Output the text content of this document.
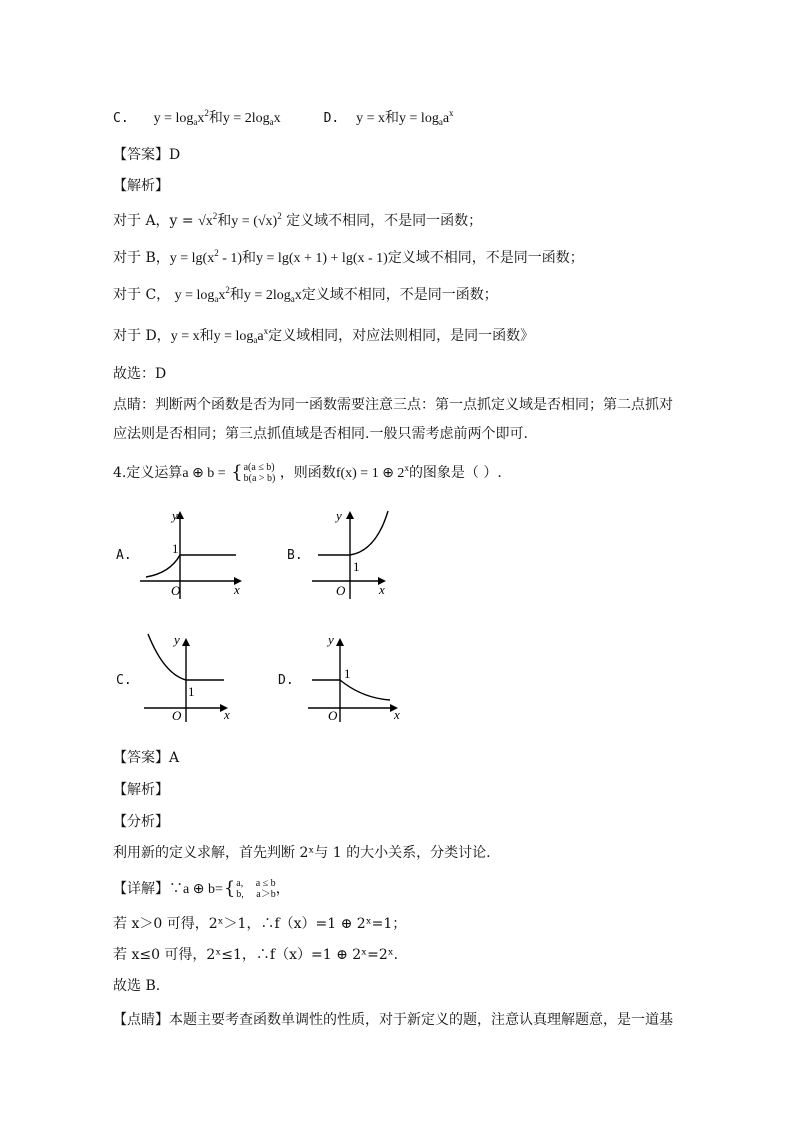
C. $y = \log_ax^2$和$y = 2\log_ax$	D. y = x和$y = \log_aa^x$
【答案】D
【解析】
对于 A，$y = √x^2$和$y = (√x)^2$ 定义域不相同，不是同一函数；
对于 B，$y = \lg(x^2 - 1)$和y = lg(x + 1) + lg(x - 1)定义域不相同，不是同一函数；
对于 C， $y = \log_ax^2$和$y = 2\log_ax$定义域不相同，不是同一函数；
对于 D，y = x和$y = \log_aa^x$定义域相同，对应法则相同，是同一函数》
故选：D
点睛：判断两个函数是否为同一函数需要注意三点：第一点抓定义域是否相同；第二点抓对
应法则是否相同；第三点抓值域是否相同.一般只需考虑前两个即可.
4.定义运算a ⊕ b = {a(a ≤ b)
b(a > b) ，则函数f(x) = 1 ⊕ 2$^x$的图象是（ ）.
A.
y
x
O
1	B.
y
x
O
1
C.
y
x
O
1
D.
y
x
O
1
【答案】A
【解析】
【分析】
利用新的定义求解，首先判断 2ˣ与 1 的大小关系，分类讨论.
【详解】∵a ⊕ b={a,     a ≤ b
b,     a＞b，
若 x＞0 可得，2ˣ＞1，∴f（x）=1 ⊕ 2ˣ=1；
若 x≤0 可得，2ˣ≤1，∴f（x）=1 ⊕ 2ˣ=2ˣ.
故选 B.
【点睛】本题主要考查函数单调性的性质，对于新定义的题，注意认真理解题意，是一道基
